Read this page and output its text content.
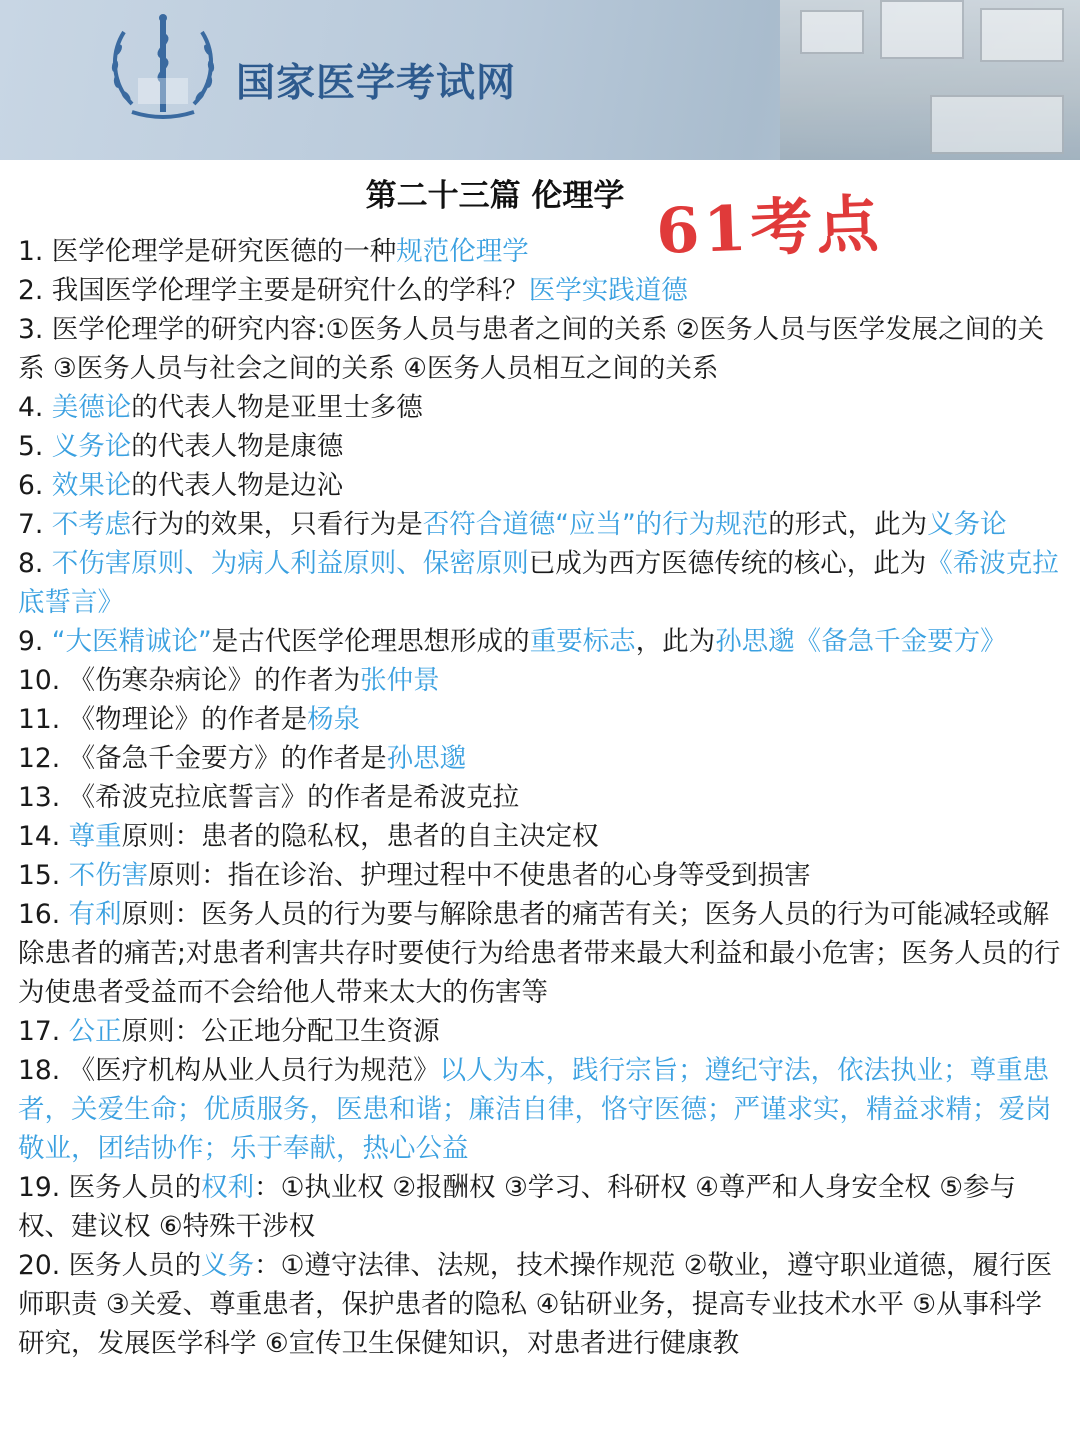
国家医学考试网
第二十三篇 伦理学 61考点

1. 医学伦理学是研究医德的一种规范伦理学

2. 我国医学伦理学主要是研究什么的学科？医学实践道德

3. 医学伦理学的研究内容:①医务人员与患者之间的关系 ②医务人员与医学发展之间的关系 ③医务人员与社会之间的关系 ④医务人员相互之间的关系

4. 美德论的代表人物是亚里士多德

5. 义务论的代表人物是康德

6. 效果论的代表人物是边沁

7. 不考虑行为的效果，只看行为是否符合道德“应当”的行为规范的形式，此为义务论

8. 不伤害原则、为病人利益原则、保密原则已成为西方医德传统的核心，此为《希波克拉底誓言》

9. “大医精诚论”是古代医学伦理思想形成的重要标志，此为孙思邈《备急千金要方》

10. 《伤寒杂病论》的作者为张仲景

11. 《物理论》的作者是杨泉

12. 《备急千金要方》的作者是孙思邈

13. 《希波克拉底誓言》的作者是希波克拉

14. 尊重原则：患者的隐私权，患者的自主决定权

15. 不伤害原则：指在诊治、护理过程中不使患者的心身等受到损害

16. 有利原则：医务人员的行为要与解除患者的痛苦有关；医务人员的行为可能减轻或解除患者的痛苦;对患者利害共存时要使行为给患者带来最大利益和最小危害；医务人员的行为使患者受益而不会给他人带来太大的伤害等

17. 公正原则：公正地分配卫生资源

18. 《医疗机构从业人员行为规范》以人为本，践行宗旨；遵纪守法，依法执业；尊重患者，关爱生命；优质服务，医患和谐；廉洁自律，恪守医德；严谨求实，精益求精；爱岗敬业，团结协作；乐于奉献，热心公益

19. 医务人员的权利：①执业权 ②报酬权 ③学习、科研权 ④尊严和人身安全权 ⑤参与权、建议权 ⑥特殊干涉权

20. 医务人员的义务：①遵守法律、法规，技术操作规范 ②敬业，遵守职业道德，履行医师职责 ③关爱、尊重患者，保护患者的隐私 ④钻研业务，提高专业技术水平 ⑤从事科学研究，发展医学科学 ⑥宣传卫生保健知识，对患者进行健康教
